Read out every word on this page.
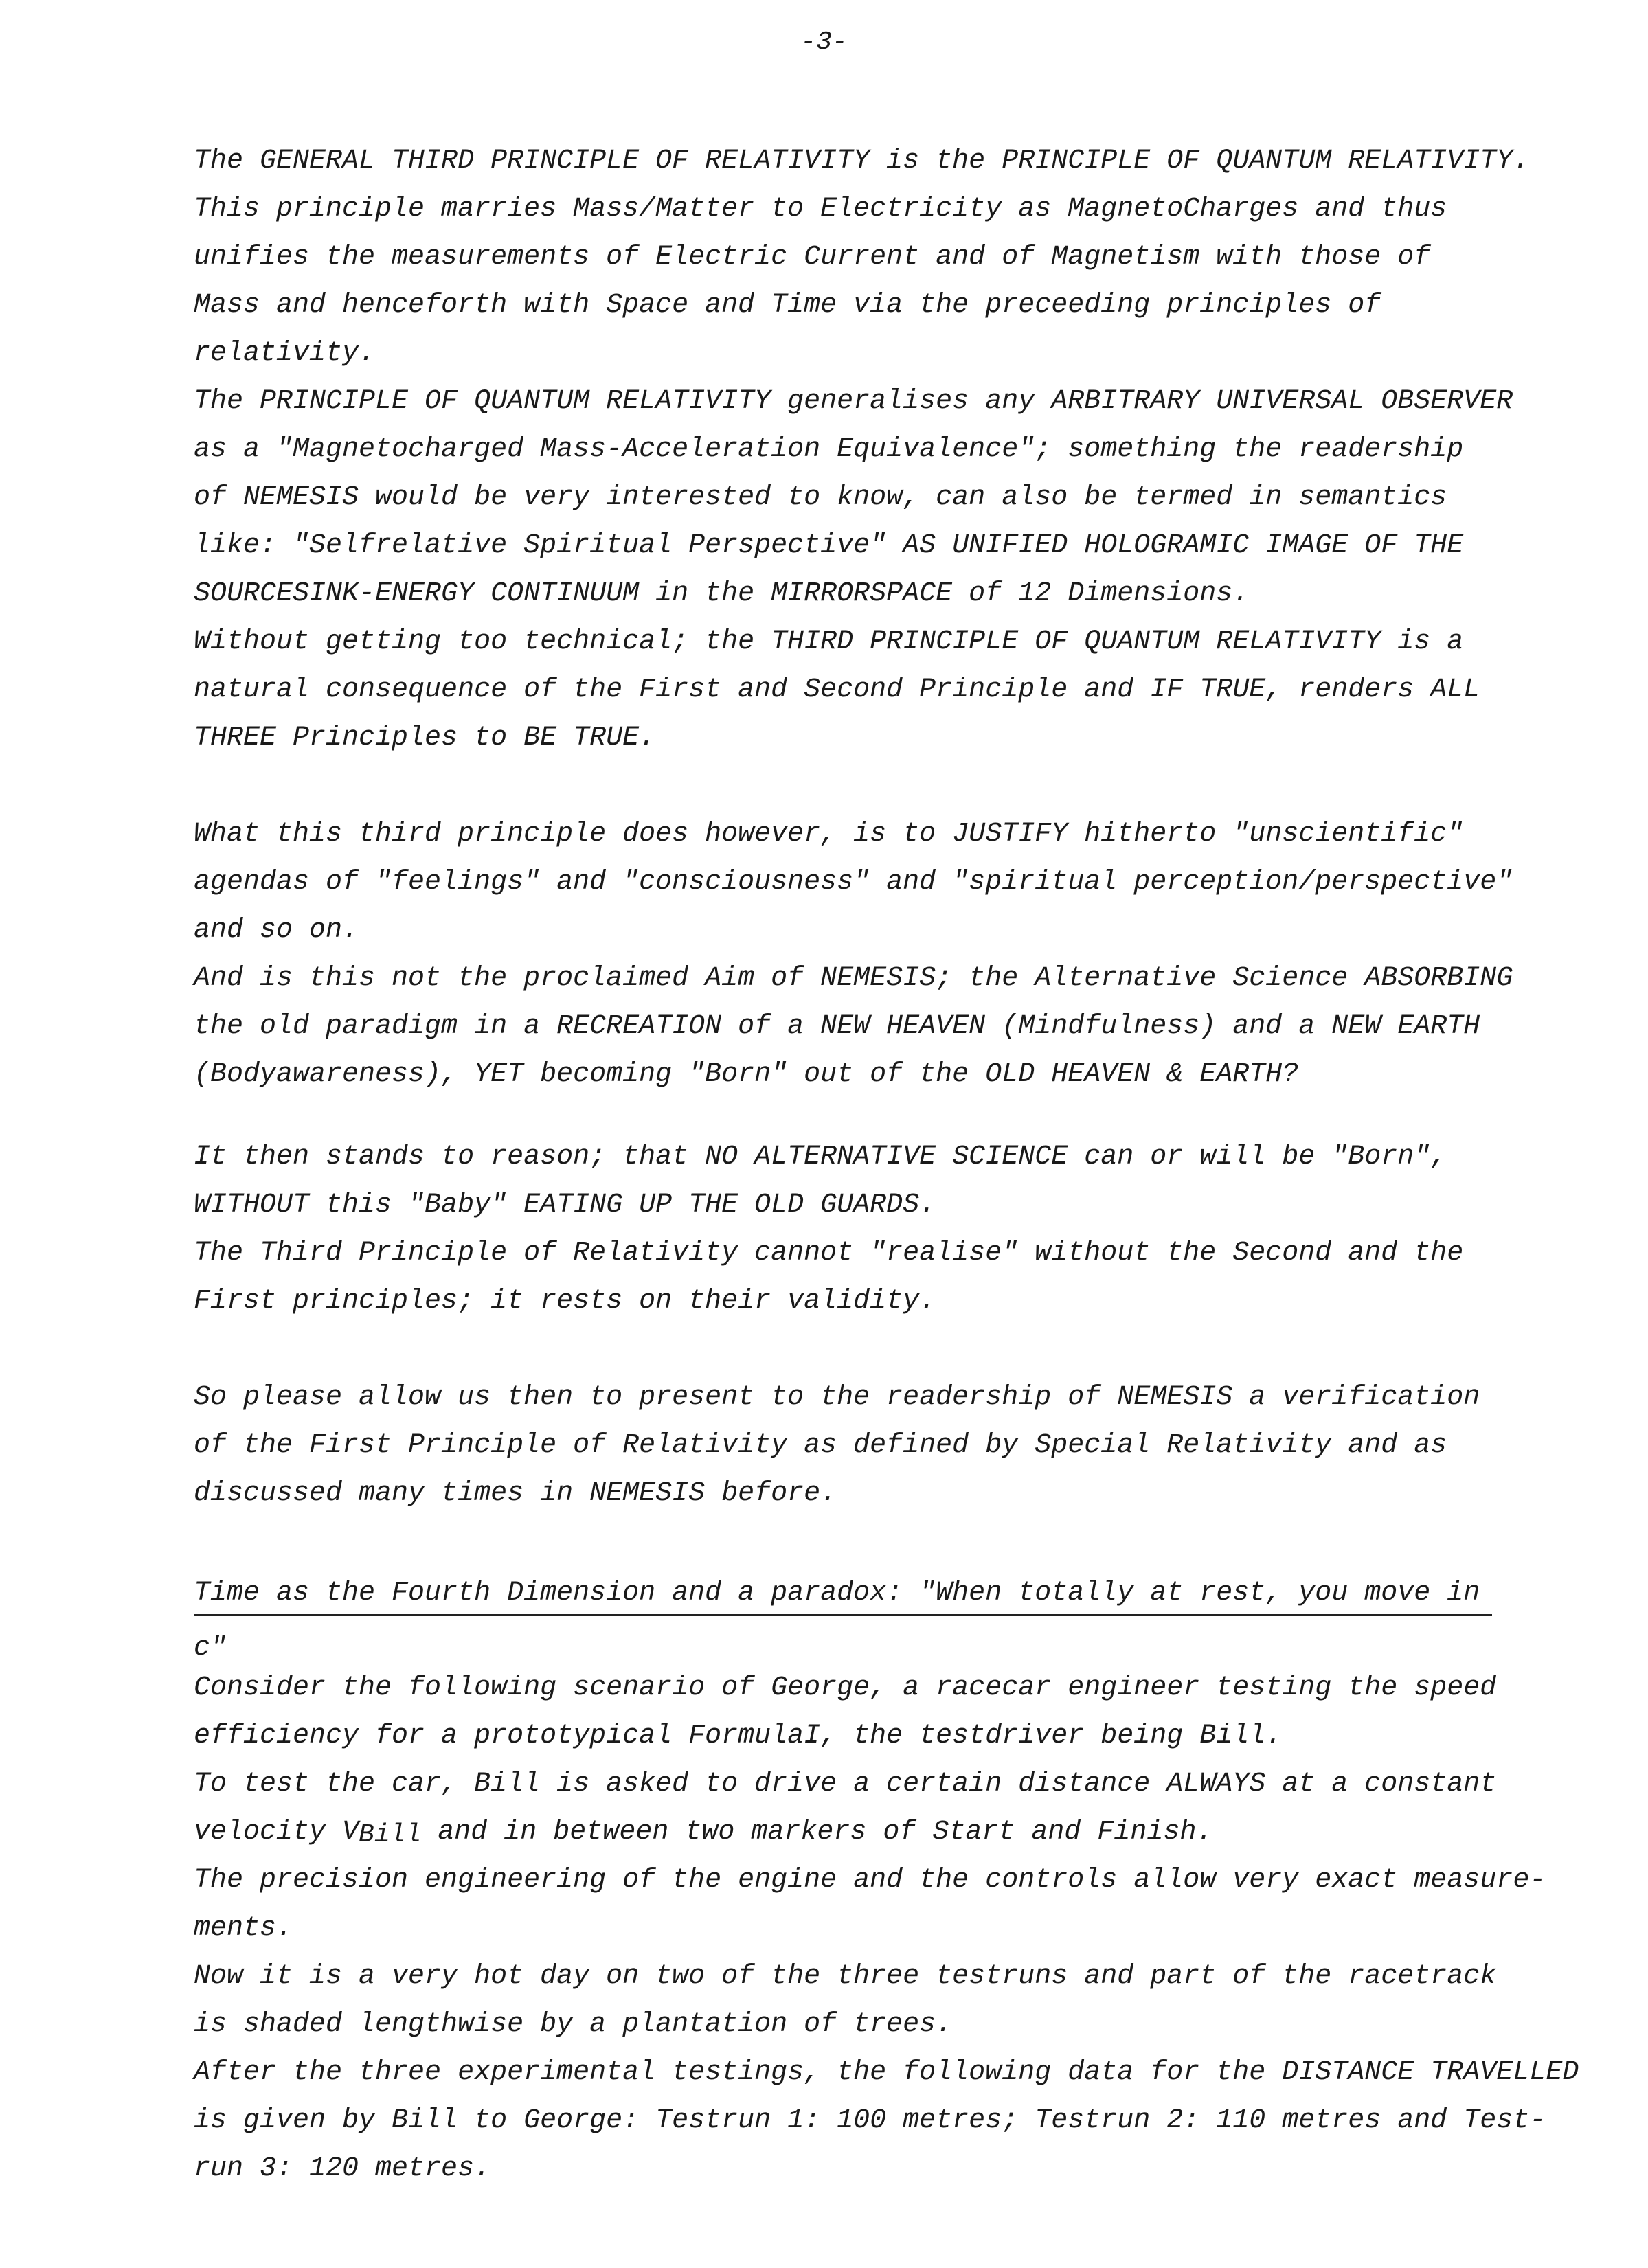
-3-
The GENERAL THIRD PRINCIPLE OF RELATIVITY is the PRINCIPLE OF QUANTUM RELATIVITY.
This principle marries Mass/Matter to Electricity as MagnetoCharges and thus
unifies the measurements of Electric Current and of Magnetism with those of
Mass and henceforth with Space and Time via the preceeding principles of
relativity.
The PRINCIPLE OF QUANTUM RELATIVITY generalises any ARBITRARY UNIVERSAL OBSERVER
as a "Magnetocharged Mass-Acceleration Equivalence"; something the readership
of NEMESIS would be very interested to know, can also be termed in semantics
like: "Selfrelative Spiritual Perspective" AS UNIFIED HOLOGRAMIC IMAGE OF THE
SOURCESINK-ENERGY CONTINUUM in the MIRRORSPACE of 12 Dimensions.
Without getting too technical; the THIRD PRINCIPLE OF QUANTUM RELATIVITY is a
natural consequence of the First and Second Principle and IF TRUE, renders ALL
THREE Principles to BE TRUE.
What this third principle does however, is to JUSTIFY hitherto "unscientific"
agendas of "feelings" and "consciousness" and "spiritual perception/perspective"
and so on.
And is this not the proclaimed Aim of NEMESIS; the Alternative Science ABSORBING
the old paradigm in a RECREATION of a NEW HEAVEN (Mindfulness) and a NEW EARTH
(Bodyawareness), YET becoming "Born" out of the OLD HEAVEN & EARTH?
It then stands to reason; that NO ALTERNATIVE SCIENCE can or will be "Born",
WITHOUT this "Baby" EATING UP THE OLD GUARDS.
The Third Principle of Relativity cannot "realise" without the Second and the
First principles; it rests on their validity.
So please allow us then to present to the readership of NEMESIS a verification
of the First Principle of Relativity as defined by Special Relativity and as
discussed many times in NEMESIS before.
Time as the Fourth Dimension and a paradox: "When totally at rest, you move in c"
Consider the following scenario of George, a racecar engineer testing the speed
efficiency for a prototypical FormulaI, the testdriver being Bill.
To test the car, Bill is asked to drive a certain distance ALWAYS at a constant
velocity $V_{Bill}$ and in between two markers of Start and Finish.
The precision engineering of the engine and the controls allow very exact measure-
ments.
Now it is a very hot day on two of the three testruns and part of the racetrack
is shaded lengthwise by a plantation of trees.
After the three experimental testings, the following data for the DISTANCE TRAVELLED
is given by Bill to George: Testrun 1: 100 metres; Testrun 2: 110 metres and Test-
run 3: 120 metres.
